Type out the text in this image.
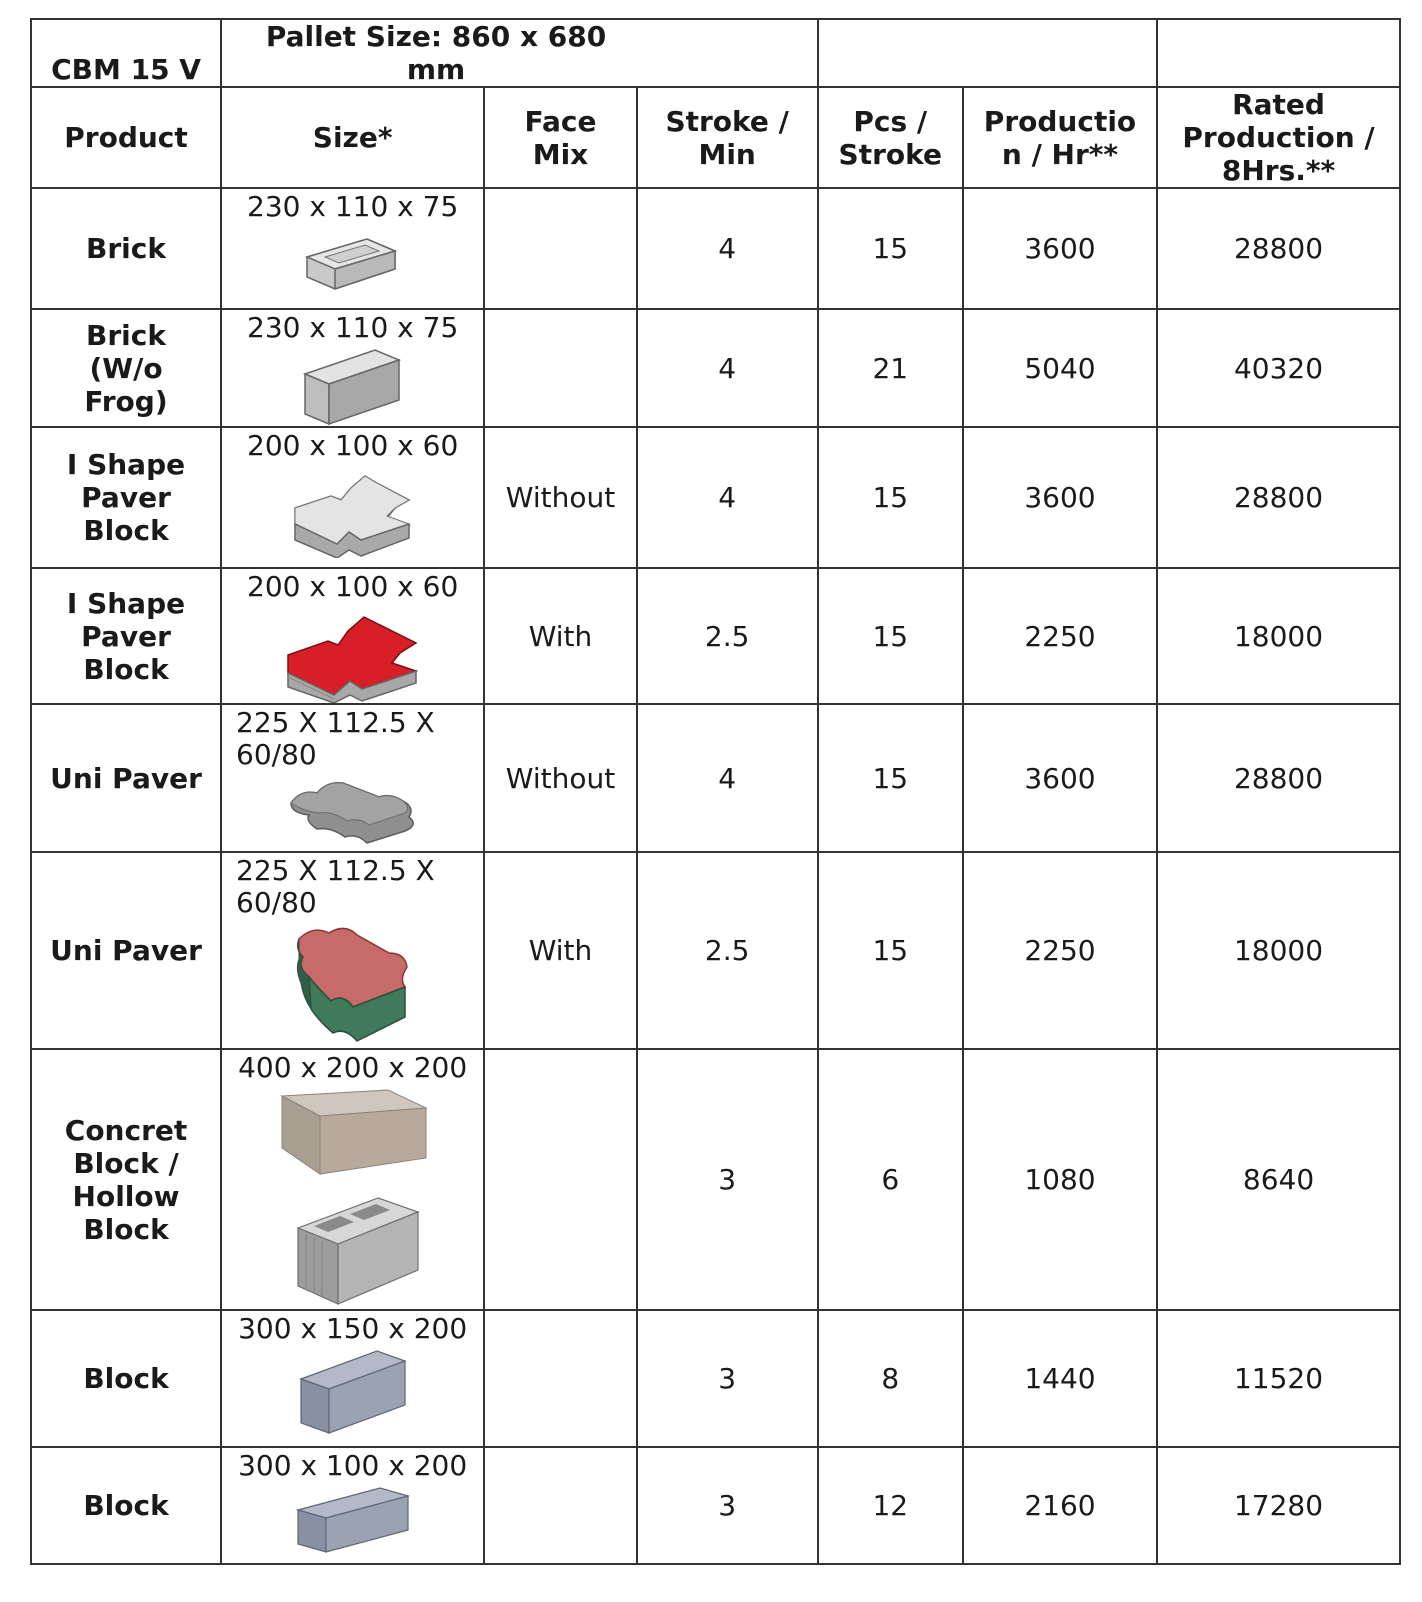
CBM 15 V	Pallet Size: 860 x 680 mm					
Product	Size*	Face Mix	Stroke / Min	Pcs / Stroke	Productio n / Hr**	Rated Production / 8Hrs.**

Brick	230 x 110 x 75		4	15	3600	28800

Brick (W/o Frog)	230 x 110 x 75		4	21	5040	40320

I Shape Paver Block	200 x 100 x 60	Without	4	15	3600	28800

I Shape Paver Block	200 x 100 x 60	With	2.5	15	2250	18000
Uni Paver	225 X 112.5 X 60/80	Without	4	15	3600	28800
Uni Paver	225 X 112.5 X 60/80	With	2.5	15	2250	18000

Concret Block / Hollow Block	400 x 200 x 200		3	6	1080	8640
Block	300 x 150 x 200		3	8	1440	11520
Block	300 x 100 x 200		3	12	2160	17280
